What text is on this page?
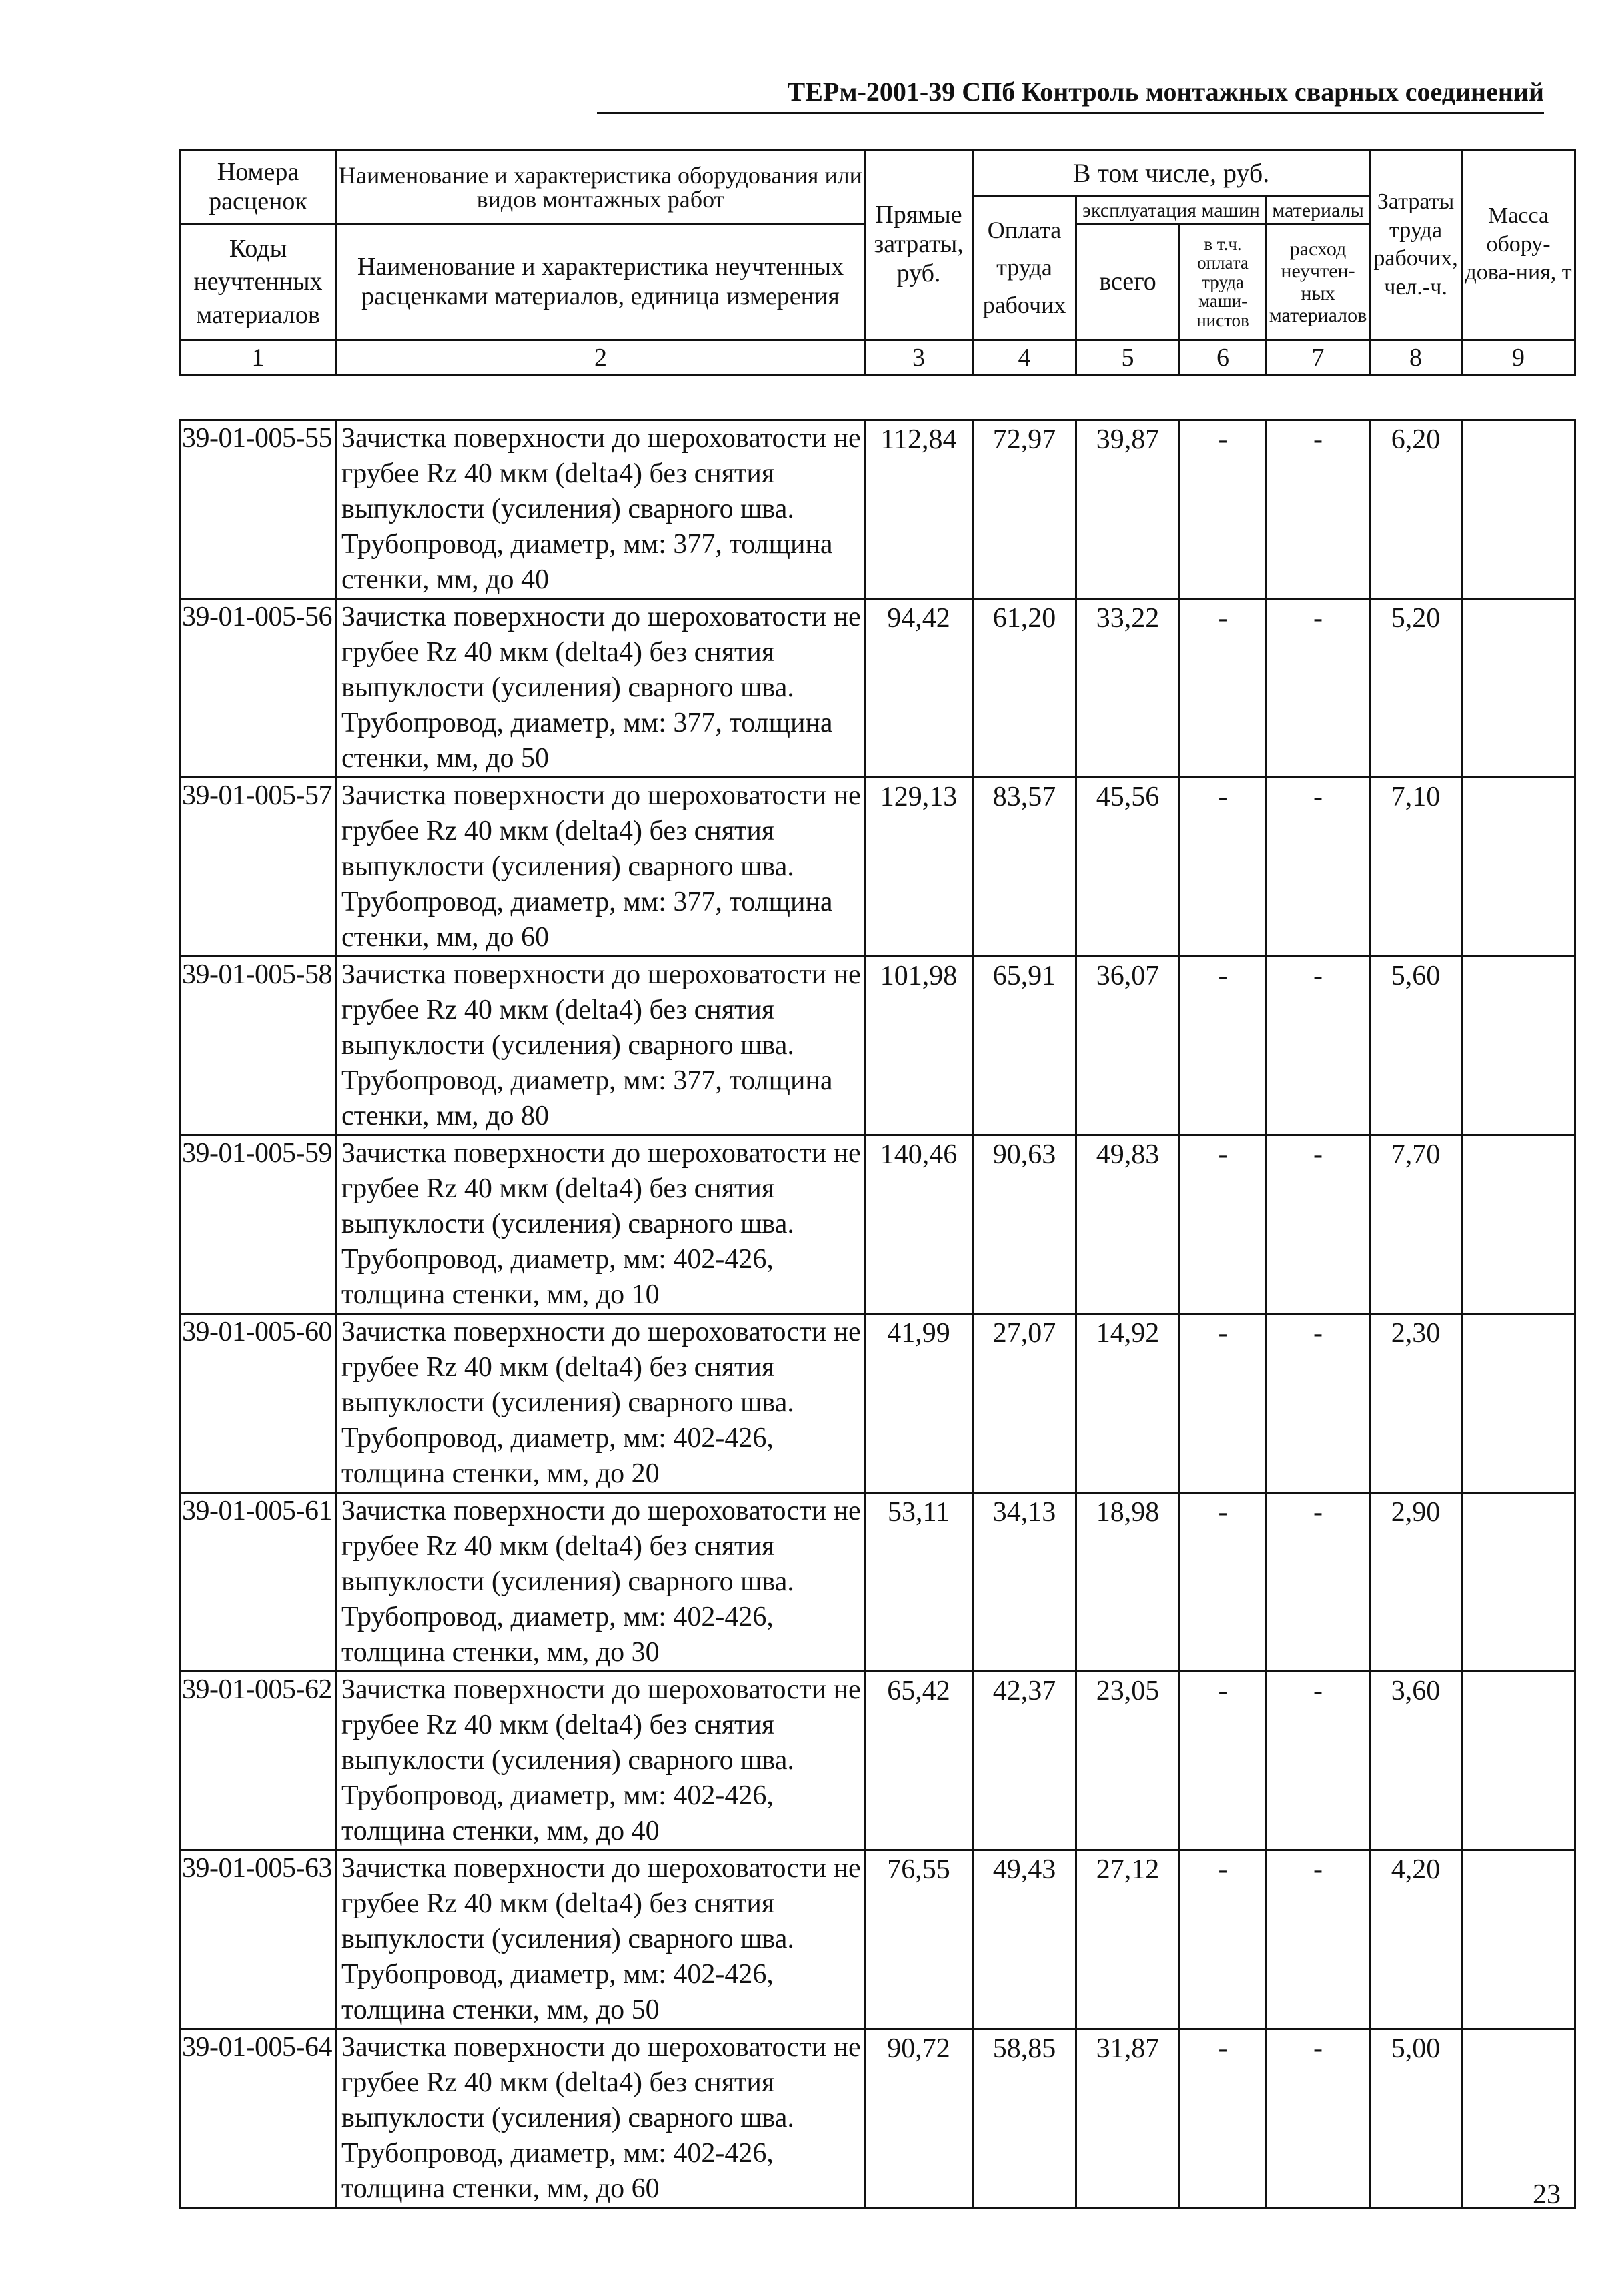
ТЕРм-2001-39 СПб Контроль монтажных сварных соединений
Номера расценок	Наименование и характеристика оборудования или видов монтажных работ	Прямые затраты, руб.	В том числе, руб.				Затраты труда рабочих, чел.-ч.	Масса обору-дова-ния, т
			Оплата труда рабочих	эксплуатация машин		материалы		
Коды неучтенных материалов	Наименование и характеристика неучтенных расценками материалов, единица измерения			всего	в т.ч. оплата труда маши-нистов	расход неучтен-ных материалов		

1	2	3	4	5	6	7	8	9
39-01-005-55	Зачистка поверхности до шероховатости не грубее Rz 40 мкм (delta4) без снятия выпуклости (усиления) сварного шва. Трубопровод, диаметр, мм: 377, толщина стенки, мм, до 40	112,84	72,97	39,87	-	-	6,20	
39-01-005-56	Зачистка поверхности до шероховатости не грубее Rz 40 мкм (delta4) без снятия выпуклости (усиления) сварного шва. Трубопровод, диаметр, мм: 377, толщина стенки, мм, до 50	94,42	61,20	33,22	-	-	5,20	
39-01-005-57	Зачистка поверхности до шероховатости не грубее Rz 40 мкм (delta4) без снятия выпуклости (усиления) сварного шва. Трубопровод, диаметр, мм: 377, толщина стенки, мм, до 60	129,13	83,57	45,56	-	-	7,10	
39-01-005-58	Зачистка поверхности до шероховатости не грубее Rz 40 мкм (delta4) без снятия выпуклости (усиления) сварного шва. Трубопровод, диаметр, мм: 377, толщина стенки, мм, до 80	101,98	65,91	36,07	-	-	5,60	
39-01-005-59	Зачистка поверхности до шероховатости не грубее Rz 40 мкм (delta4) без снятия выпуклости (усиления) сварного шва. Трубопровод, диаметр, мм: 402-426, толщина стенки, мм, до 10	140,46	90,63	49,83	-	-	7,70	
39-01-005-60	Зачистка поверхности до шероховатости не грубее Rz 40 мкм (delta4) без снятия выпуклости (усиления) сварного шва. Трубопровод, диаметр, мм: 402-426, толщина стенки, мм, до 20	41,99	27,07	14,92	-	-	2,30	
39-01-005-61	Зачистка поверхности до шероховатости не грубее Rz 40 мкм (delta4) без снятия выпуклости (усиления) сварного шва. Трубопровод, диаметр, мм: 402-426, толщина стенки, мм, до 30	53,11	34,13	18,98	-	-	2,90	
39-01-005-62	Зачистка поверхности до шероховатости не грубее Rz 40 мкм (delta4) без снятия выпуклости (усиления) сварного шва. Трубопровод, диаметр, мм: 402-426, толщина стенки, мм, до 40	65,42	42,37	23,05	-	-	3,60	
39-01-005-63	Зачистка поверхности до шероховатости не грубее Rz 40 мкм (delta4) без снятия выпуклости (усиления) сварного шва. Трубопровод, диаметр, мм: 402-426, толщина стенки, мм, до 50	76,55	49,43	27,12	-	-	4,20	
39-01-005-64	Зачистка поверхности до шероховатости не грубее Rz 40 мкм (delta4) без снятия выпуклости (усиления) сварного шва. Трубопровод, диаметр, мм: 402-426, толщина стенки, мм, до 60	90,72	58,85	31,87	-	-	5,00	
23
